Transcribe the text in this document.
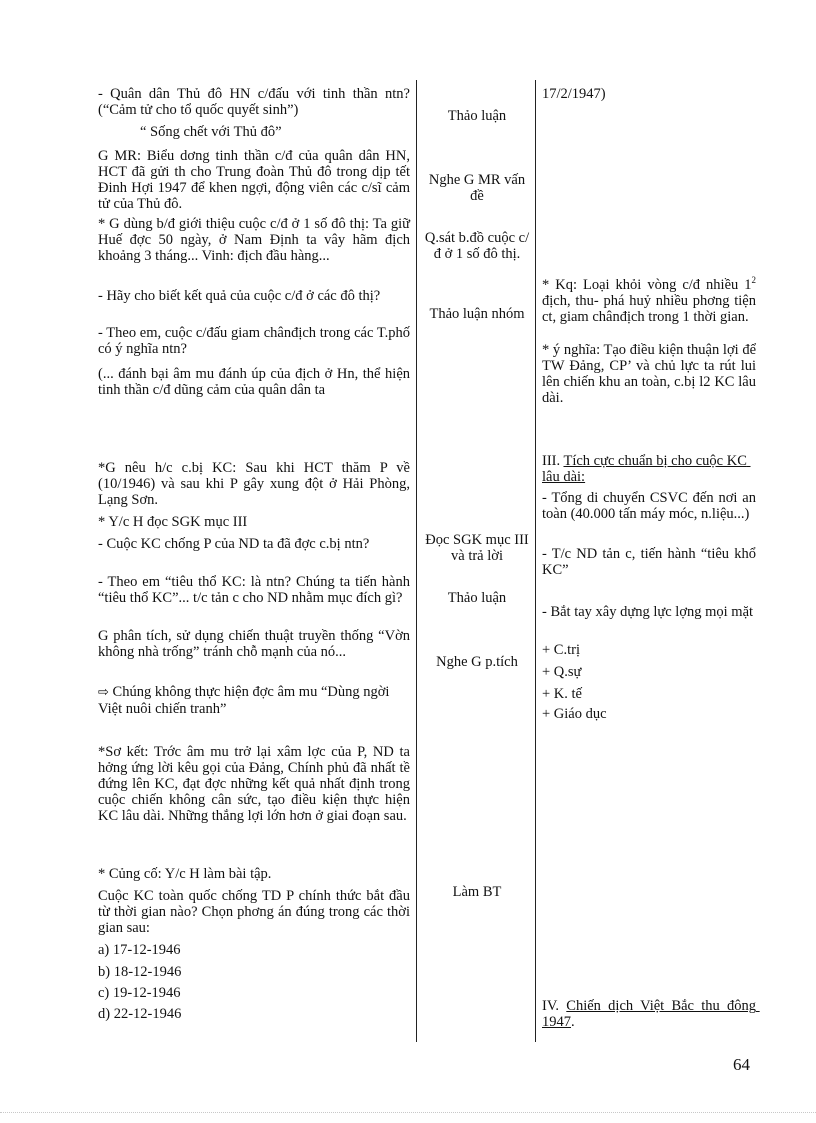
- Quân dân Thủ đô HN c/đấu với tinh thần ntn? (“Cảm tử cho tổ quốc quyết sinh”)

“ Sống chết với Thủ đô”

G MR: Biểu dơng tinh thần c/đ của quân dân HN, HCT đã gửi th cho Trung đoàn Thủ đô trong dịp tết Đinh Hợi 1947 để khen ngợi, động viên các c/sĩ cảm tử của Thủ đô.

* G dùng b/đ giới thiệu cuộc c/đ ở 1 số đô thị: Ta giữ Huế đợc 50 ngày, ở Nam Định ta vây hãm địch khoảng 3 tháng... Vinh: địch đầu hàng...

- Hãy cho biết kết quả của cuộc c/đ ở các đô thị?

- Theo em, cuộc c/đấu giam chânđịch trong các T.phố có ý nghĩa ntn?

(... đánh bại âm mu đánh úp của địch ở Hn, thể hiện tinh thần c/đ dũng cảm của quân dân ta

*G nêu h/c c.bị KC: Sau khi HCT thăm P về (10/1946) và sau khi P gây xung đột ở Hải Phòng, Lạng Sơn.

* Y/c H đọc SGK mục III

- Cuộc KC chống P của ND ta đã đợc c.bị ntn?

- Theo em “tiêu thổ KC: là ntn? Chúng ta tiến hành “tiêu thổ KC”... t/c tản c cho ND nhằm mục đích gì?

G phân tích, sử dụng chiến thuật truyền thống “Vờn không nhà trống” tránh chỗ mạnh của nó...

⇨ Chúng không thực hiện đợc âm mu “Dùng ngời Việt nuôi chiến tranh”

*Sơ kết: Trớc âm mu trở lại xâm lợc của P, ND ta hởng ứng lời kêu gọi của Đảng, Chính phủ đã nhất tề đứng lên KC, đạt đợc những kết quả nhất định trong cuộc chiến không cân sức, tạo điều kiện thực hiện KC lâu dài. Những thắng lợi lớn hơn ở giai đoạn sau.

* Củng cố: Y/c H làm bài tập.

Cuộc KC toàn quốc chống TD P chính thức bắt đầu từ thời gian nào? Chọn phơng án đúng trong các thời gian sau:

a) 17-12-1946

b) 18-12-1946

c) 19-12-1946

d) 22-12-1946

Thảo luận

Nghe G MR vấn đề

Q.sát b.đồ cuộc c/đ ở 1 số đô thị.

Thảo luận nhóm

Đọc SGK mục III và trả lời

Thảo luận

Nghe G p.tích

Làm BT

17/2/1947)

* Kq: Loại khỏi vòng c/đ nhiều $1^2$ địch, thu- phá huỷ nhiều phơng tiện ct, giam chânđịch trong 1 thời gian.

* ý nghĩa: Tạo điều kiện thuận lợi để TW Đảng, CP’ và chủ lực ta rút lui lên chiến khu an toàn, c.bị l2 KC lâu dài.

III. Tích cực chuẩn bị cho cuộc KC lâu dài:

- Tổng di chuyển CSVC đến nơi an toàn (40.000 tấn máy móc, n.liệu...)

- T/c ND tản c, tiến hành “tiêu khổ KC”

- Bắt tay xây dựng lực lợng mọi mặt

+ C.trị

+ Q.sự

+ K. tế

+ Giáo dục

IV. Chiến dịch Việt Bắc thu đông 1947.

64
